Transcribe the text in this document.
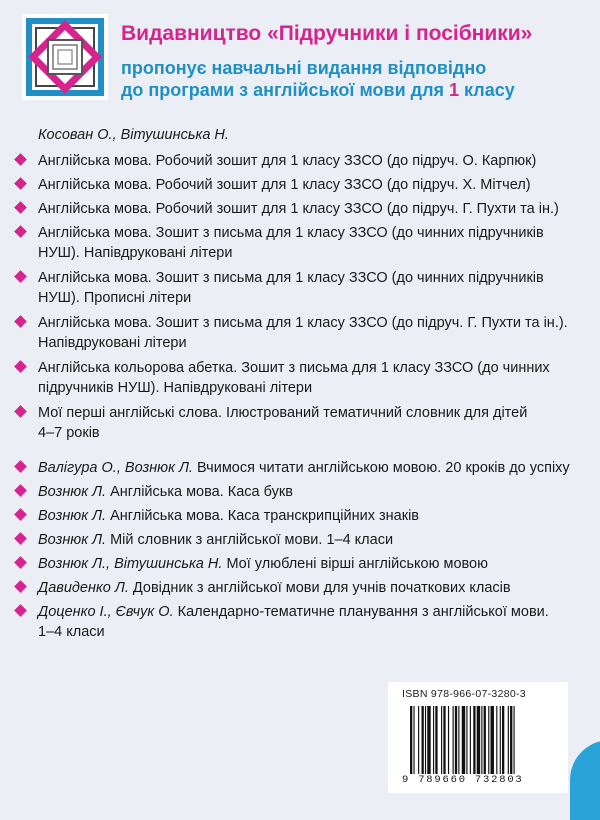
Видавництво «Підручники і посібники»
пропонує навчальні видання відповідно
до програми з англійської мови для 1 класу
Косован О., Вітушинська Н.
Англійська мова. Робочий зошит для 1 класу ЗЗСО (до підруч. О. Карпюк)
Англійська мова. Робочий зошит для 1 класу ЗЗСО (до підруч. Х. Мітчел)
Англійська мова. Робочий зошит для 1 класу ЗЗСО (до підруч. Г. Пухти та ін.)
Англійська мова. Зошит з письма для 1 класу ЗЗСО (до чинних підручників
НУШ). Напівдруковані літери
Англійська мова. Зошит з письма для 1 класу ЗЗСО (до чинних підручників
НУШ). Прописні літери
Англійська мова. Зошит з письма для 1 класу ЗЗСО (до підруч. Г. Пухти та ін.).
Напівдруковані літери
Англійська кольорова абетка. Зошит з письма для 1 класу ЗЗСО (до чинних
підручників НУШ). Напівдруковані літери
Мої перші англійські слова. Ілюстрований тематичний словник для дітей
4–7 років
Валігура О., Вознюк Л. Вчимося читати англійською мовою. 20 кроків до успіху
Вознюк Л. Англійська мова. Каса букв
Вознюк Л. Англійська мова. Каса транскрипційних знаків
Вознюк Л. Мій словник з англійської мови. 1–4 класи
Вознюк Л., Вітушинська Н. Мої улюблені вірші англійською мовою
Давиденко Л. Довідник з англійської мови для учнів початкових класів
Доценко І., Євчук О. Календарно-тематичне планування з англійської мови.
1–4 класи
ISBN 978-966-07-3280-3
9 789660 732803
